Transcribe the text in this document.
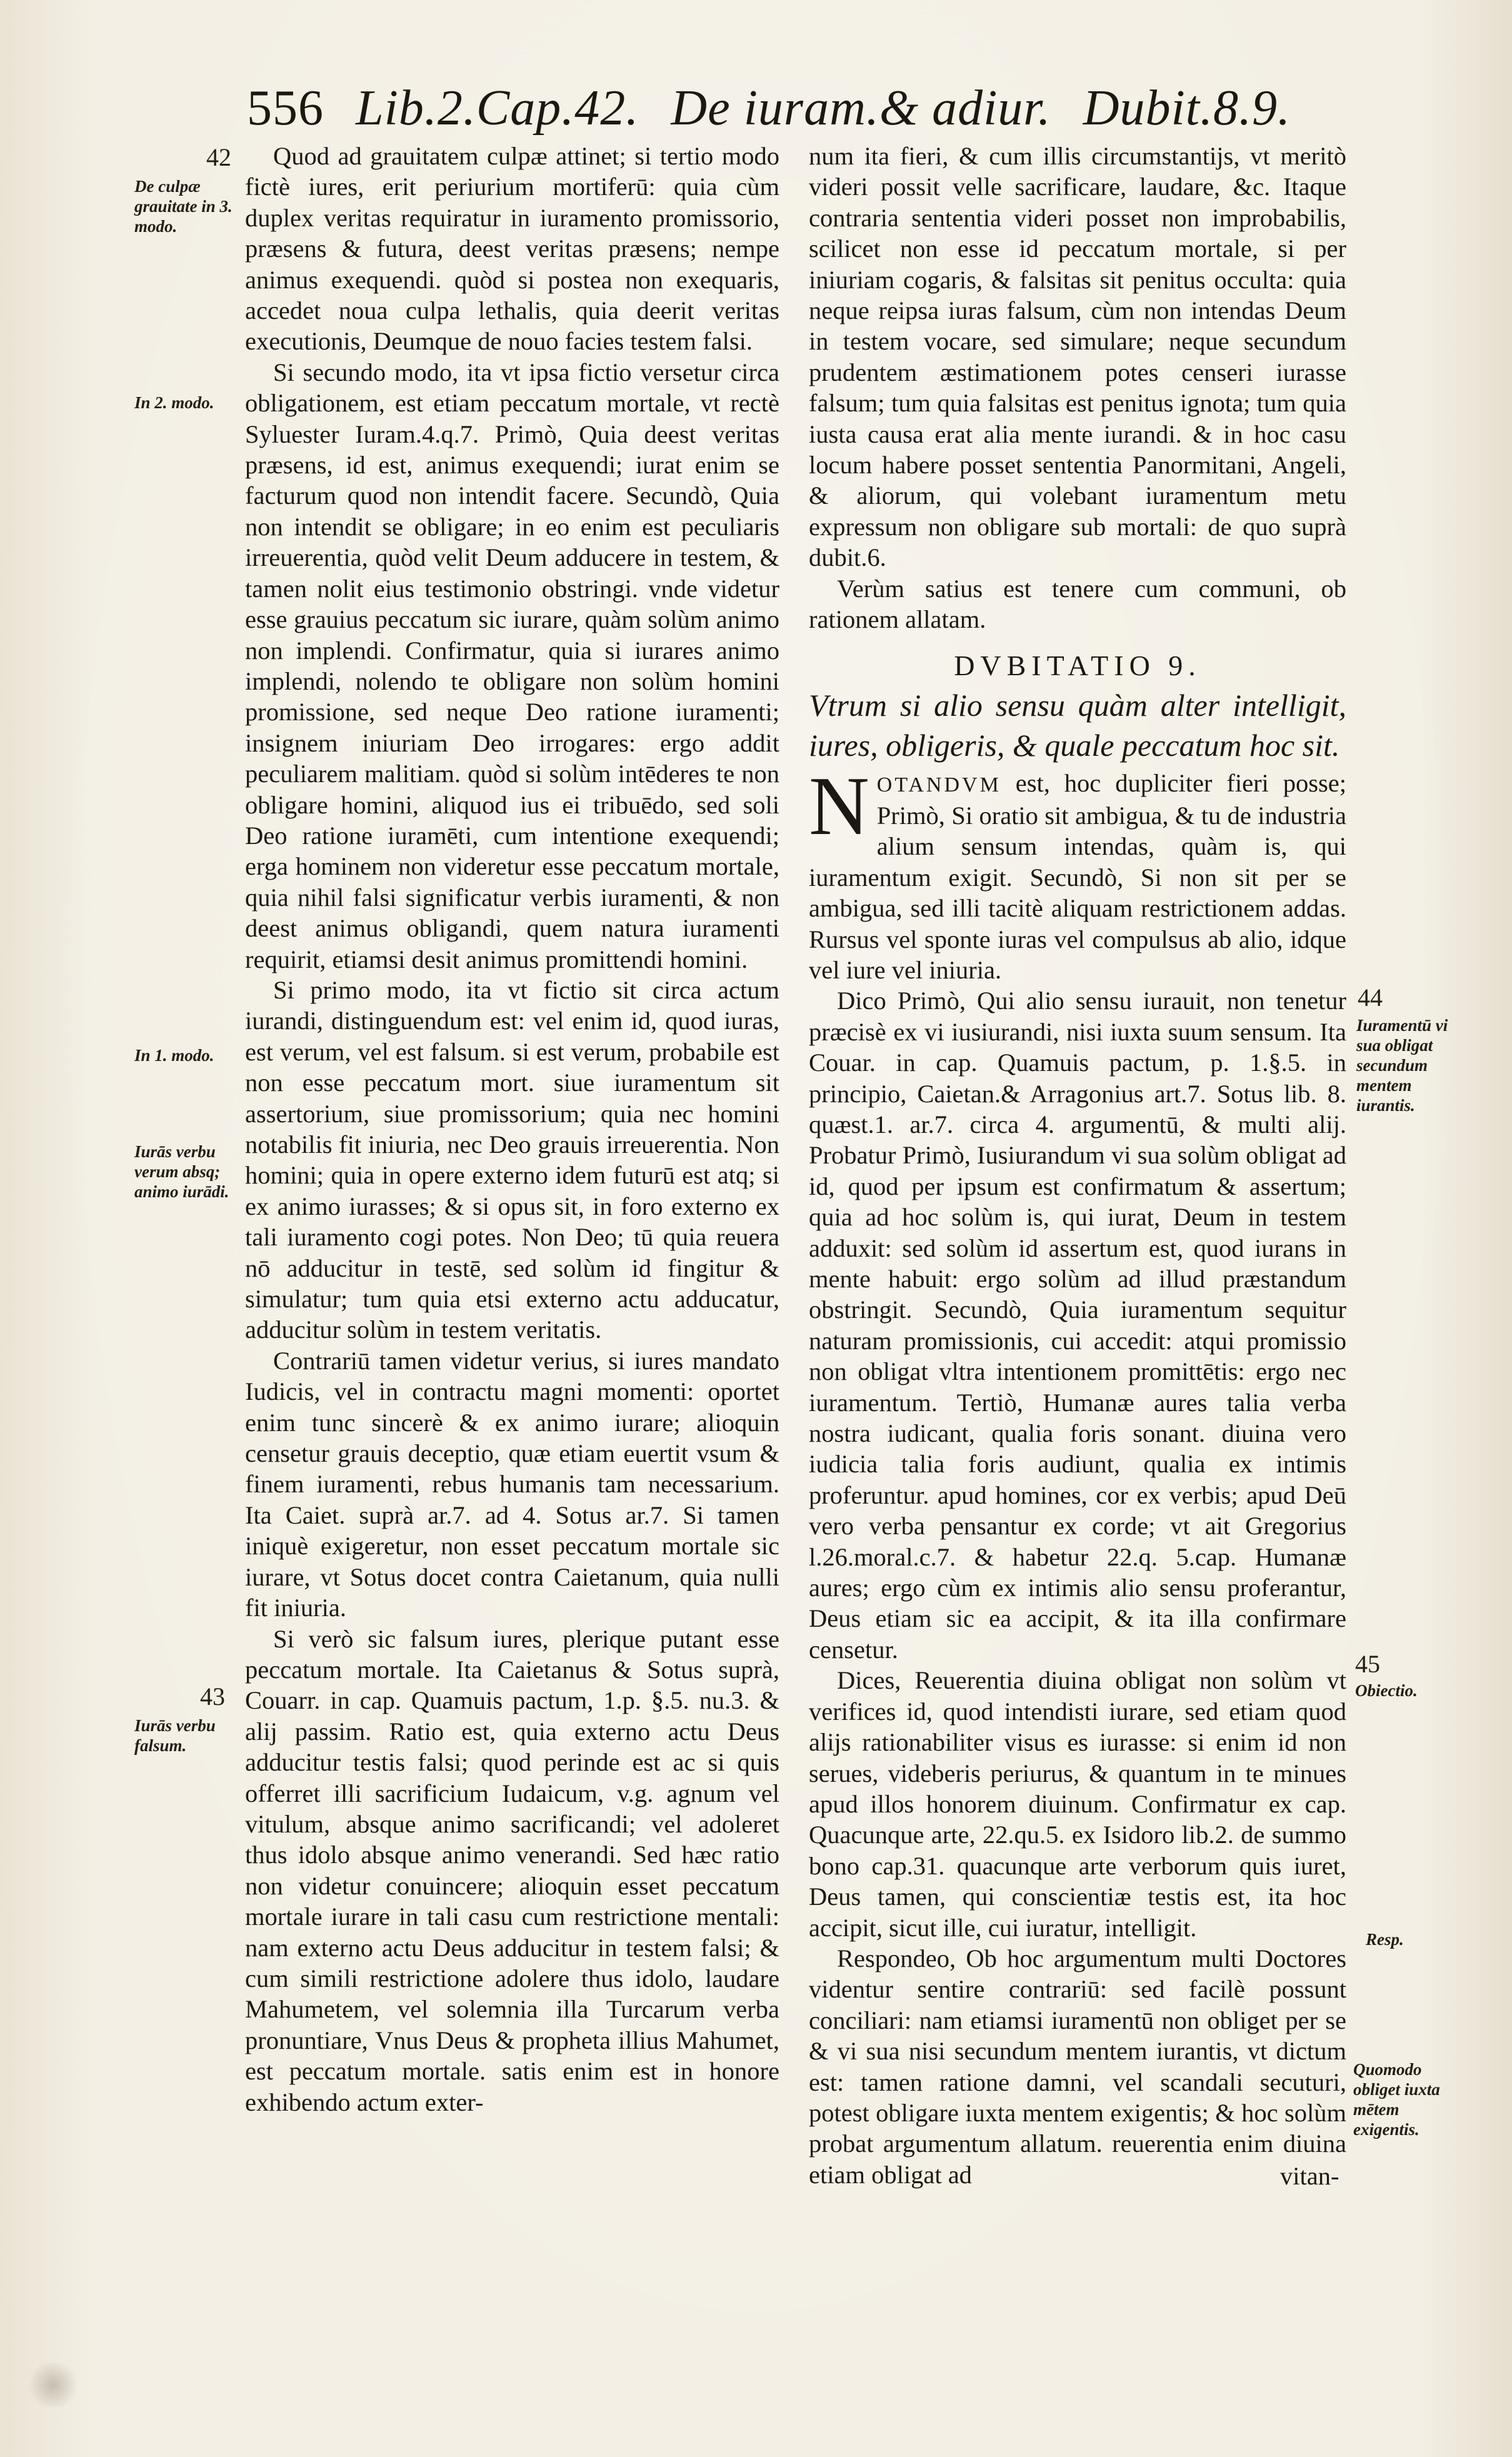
556 Lib.2.Cap.42. De iuram.& adiur. Dubit.8.9.

Quod ad grauitatem culpæ attinet; si tertio modo fictè iures, erit periurium mortiferū: quia cùm duplex veritas requiratur in iuramento promissorio, præsens & futura, deest veritas præsens; nempe animus exequendi. quòd si postea non exequaris, accedet noua culpa lethalis, quia deerit veritas executionis, Deumque de nouo facies testem falsi.

Si secundo modo, ita vt ipsa fictio versetur circa obligationem, est etiam peccatum mortale, vt rectè Syluester Iuram.4.q.7. Primò, Quia deest veritas præsens, id est, animus exequendi; iurat enim se facturum quod non intendit facere. Secundò, Quia non intendit se obligare; in eo enim est peculiaris irreuerentia, quòd velit Deum adducere in testem, & tamen nolit eius testimonio obstringi. vnde videtur esse grauius peccatum sic iurare, quàm solùm animo non implendi. Confirmatur, quia si iurares animo implendi, nolendo te obligare non solùm homini promissione, sed neque Deo ratione iuramenti; insignem iniuriam Deo irrogares: ergo addit peculiarem malitiam. quòd si solùm intēderes te non obligare homini, aliquod ius ei tribuēdo, sed soli Deo ratione iuramēti, cum intentione exequendi; erga hominem non videretur esse peccatum mortale, quia nihil falsi significatur verbis iuramenti, & non deest animus obligandi, quem natura iuramenti requirit, etiamsi desit animus promittendi homini.

Si primo modo, ita vt fictio sit circa actum iurandi, distinguendum est: vel enim id, quod iuras, est verum, vel est falsum. si est verum, probabile est non esse peccatum mort. siue iuramentum sit assertorium, siue promissorium; quia nec homini notabilis fit iniuria, nec Deo grauis irreuerentia. Non homini; quia in opere externo idem futurū est atq; si ex animo iurasses; & si opus sit, in foro externo ex tali iuramento cogi potes. Non Deo; tū quia reuera nō adducitur in testē, sed solùm id fingitur & simulatur; tum quia etsi externo actu adducatur, adducitur solùm in testem veritatis.

Contrariū tamen videtur verius, si iures mandato Iudicis, vel in contractu magni momenti: oportet enim tunc sincerè & ex animo iurare; alioquin censetur grauis deceptio, quæ etiam euertit vsum & finem iuramenti, rebus humanis tam necessarium. Ita Caiet. suprà ar.7. ad 4. Sotus ar.7. Si tamen iniquè exigeretur, non esset peccatum mortale sic iurare, vt Sotus docet contra Caietanum, quia nulli fit iniuria.

Si verò sic falsum iures, plerique putant esse peccatum mortale. Ita Caietanus & Sotus suprà, Couarr. in cap. Quamuis pactum, 1.p. §.5. nu.3. & alij passim. Ratio est, quia externo actu Deus adducitur testis falsi; quod perinde est ac si quis offerret illi sacrificium Iudaicum, v.g. agnum vel vitulum, absque animo sacrificandi; vel adoleret thus idolo absque animo venerandi. Sed hæc ratio non videtur conuincere; alioquin esset peccatum mortale iurare in tali casu cum restrictione mentali: nam externo actu Deus adducitur in testem falsi; & cum simili restrictione adolere thus idolo, laudare Mahumetem, vel solemnia illa Turcarum verba pronuntiare, Vnus Deus & propheta illius Mahumet, est peccatum mortale. satis enim est in honore exhibendo actum exter-

num ita fieri, & cum illis circumstantijs, vt meritò videri possit velle sacrificare, laudare, &c. Itaque contraria sententia videri posset non improbabilis, scilicet non esse id peccatum mortale, si per iniuriam cogaris, & falsitas sit penitus occulta: quia neque reipsa iuras falsum, cùm non intendas Deum in testem vocare, sed simulare; neque secundum prudentem æstimationem potes censeri iurasse falsum; tum quia falsitas est penitus ignota; tum quia iusta causa erat alia mente iurandi. & in hoc casu locum habere posset sententia Panormitani, Angeli, & aliorum, qui volebant iuramentum metu expressum non obligare sub mortali: de quo suprà dubit.6.

Verùm satius est tenere cum communi, ob rationem allatam.

DVBITATIO 9.
Vtrum si alio sensu quàm alter intelligit, iures, obligeris, & quale peccatum hoc sit.

NOTANDVM est, hoc dupliciter fieri posse; Primò, Si oratio sit ambigua, & tu de industria alium sensum intendas, quàm is, qui iuramentum exigit. Secundò, Si non sit per se ambigua, sed illi tacitè aliquam restrictionem addas. Rursus vel sponte iuras vel compulsus ab alio, idque vel iure vel iniuria.

Dico Primò, Qui alio sensu iurauit, non tenetur præcisè ex vi iusiurandi, nisi iuxta suum sensum. Ita Couar. in cap. Quamuis pactum, p. 1.§.5. in principio, Caietan.& Arragonius art.7. Sotus lib. 8. quæst.1. ar.7. circa 4. argumentū, & multi alij. Probatur Primò, Iusiurandum vi sua solùm obligat ad id, quod per ipsum est confirmatum & assertum; quia ad hoc solùm is, qui iurat, Deum in testem adduxit: sed solùm id assertum est, quod iurans in mente habuit: ergo solùm ad illud præstandum obstringit. Secundò, Quia iuramentum sequitur naturam promissionis, cui accedit: atqui promissio non obligat vltra intentionem promittētis: ergo nec iuramentum. Tertiò, Humanæ aures talia verba nostra iudicant, qualia foris sonant. diuina vero iudicia talia foris audiunt, qualia ex intimis proferuntur. apud homines, cor ex verbis; apud Deū vero verba pensantur ex corde; vt ait Gregorius l.26.moral.c.7. & habetur 22.q. 5.cap. Humanæ aures; ergo cùm ex intimis alio sensu proferantur, Deus etiam sic ea accipit, & ita illa confirmare censetur.

Dices, Reuerentia diuina obligat non solùm vt verifices id, quod intendisti iurare, sed etiam quod alijs rationabiliter visus es iurasse: si enim id non serues, videberis periurus, & quantum in te minues apud illos honorem diuinum. Confirmatur ex cap. Quacunque arte, 22.qu.5. ex Isidoro lib.2. de summo bono cap.31. quacunque arte verborum quis iuret, Deus tamen, qui conscientiæ testis est, ita hoc accipit, sicut ille, cui iuratur, intelligit.

Respondeo, Ob hoc argumentum multi Doctores videntur sentire contrariū: sed facilè possunt conciliari: nam etiamsi iuramentū non obliget per se & vi sua nisi secundum mentem iurantis, vt dictum est: tamen ratione damni, vel scandali secuturi, potest obligare iuxta mentem exigentis; & hoc solùm probat argumentum allatum. reuerentia enim diuina etiam obligat ad	vitan-
42
De culpæ grauitate in 3. modo.
In 2. modo.
In 1. modo.
Iurās verbu verum absq; animo iurādi.
43
Iurās verbu falsum.
44
Iuramentū vi sua obligat secundum mentem iurantis.
45
Obiectio.
Resp.
Quomodo obliget iuxta mētem exigentis.
